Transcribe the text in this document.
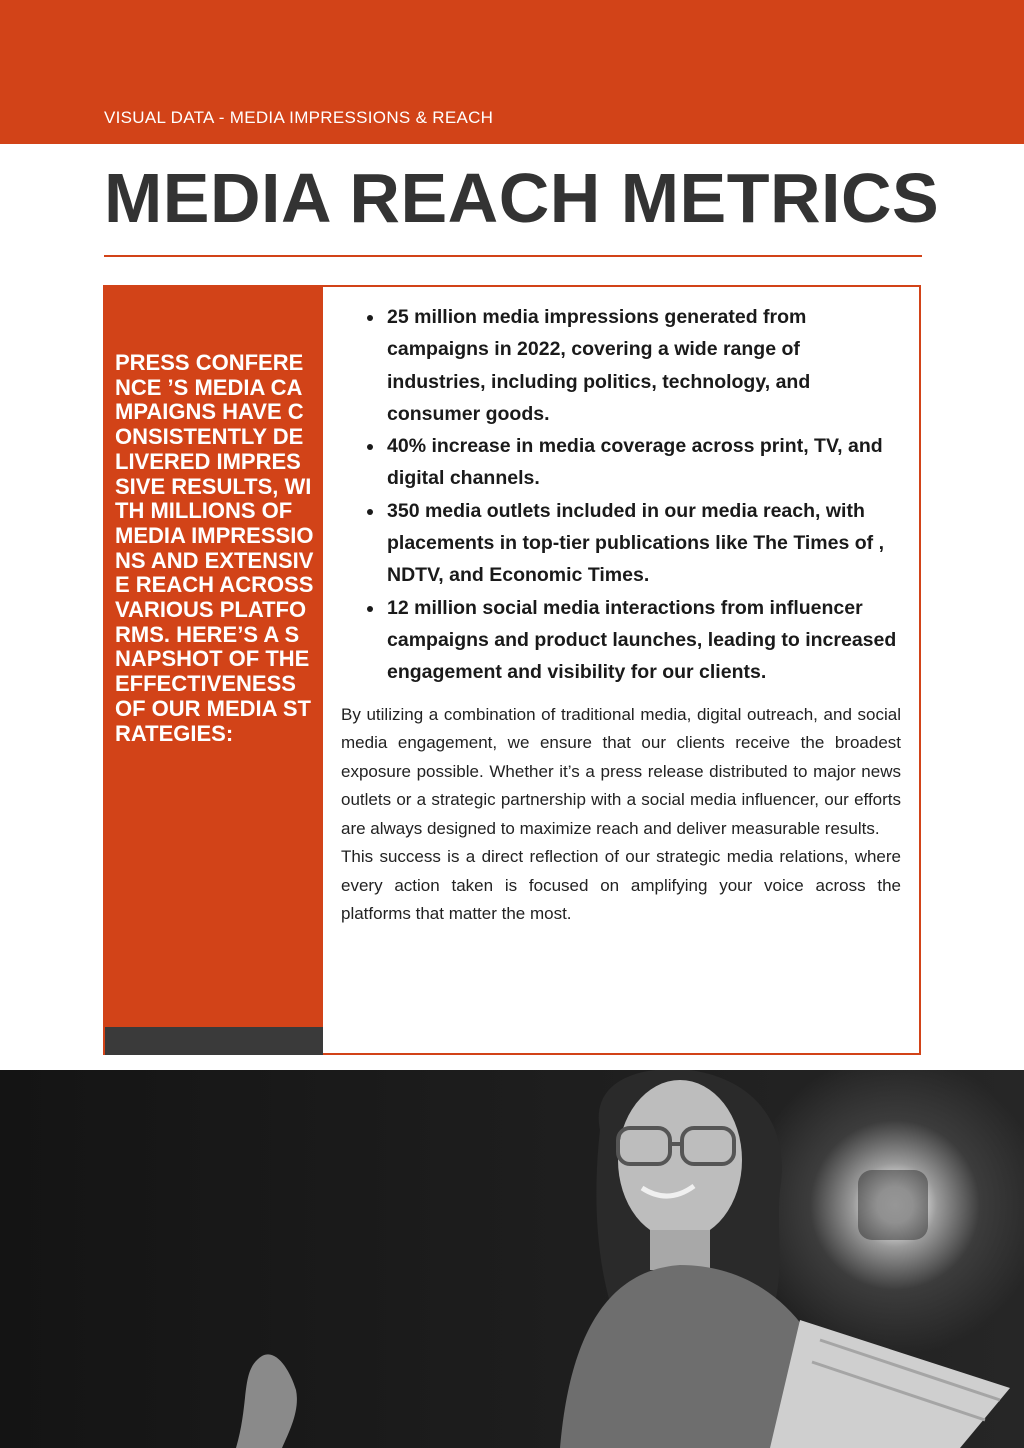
VISUAL DATA - MEDIA IMPRESSIONS & REACH
MEDIA REACH METRICS
PRESS CONFERENCE ’S MEDIA CAMPAIGNS HAVE CONSISTENTLY DELIVERED IMPRESSIVE RESULTS, WITH MILLIONS OF MEDIA IMPRESSIONS AND EXTENSIVE REACH ACROSS VARIOUS PLATFORMS. HERE’S A SNAPSHOT OF THE EFFECTIVENESS OF OUR MEDIA STRATEGIES:
• 25 million media impressions generated from campaigns in 2022, covering a wide range of industries, including politics, technology, and consumer goods.
• 40% increase in media coverage across print, TV, and digital channels.
• 350 media outlets included in our media reach, with placements in top-tier publications like The Times of , NDTV, and Economic Times.
• 12 million social media interactions from influencer campaigns and product launches, leading to increased engagement and visibility for our clients.

By utilizing a combination of traditional media, digital outreach, and social media engagement, we ensure that our clients receive the broadest exposure possible. Whether it’s a press release distributed to major news outlets or a strategic partnership with a social media influencer, our efforts are always designed to maximize reach and deliver measurable results.

This success is a direct reflection of our strategic media relations, where every action taken is focused on amplifying your voice across the platforms that matter the most.
